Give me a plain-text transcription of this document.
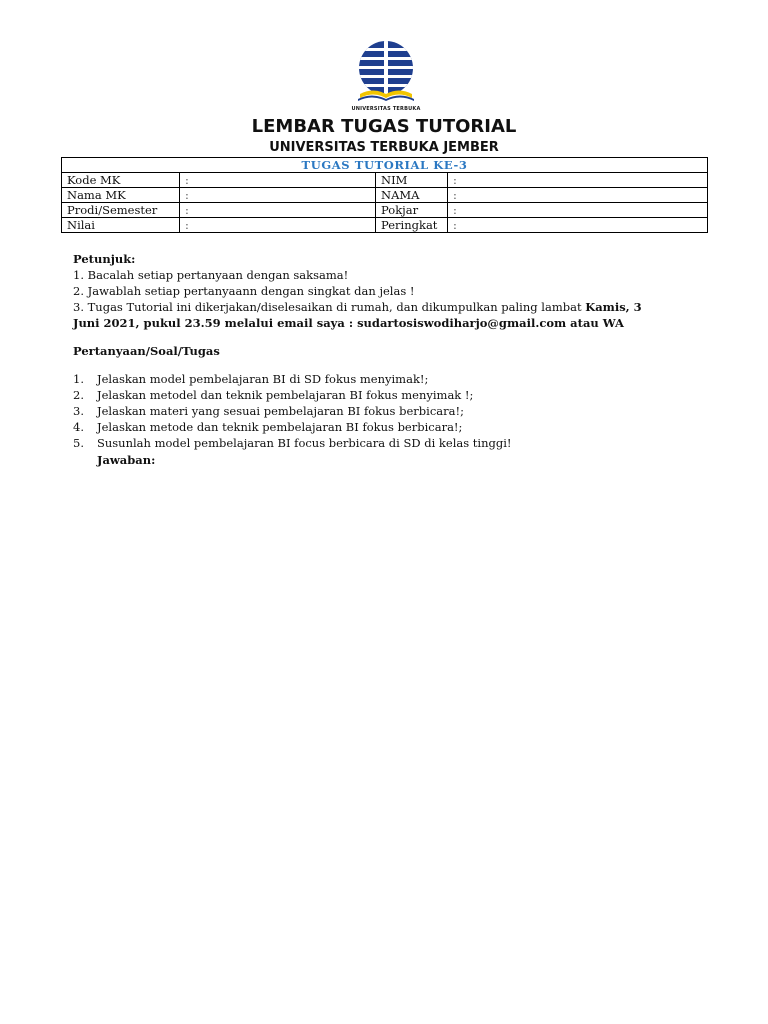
UNIVERSITAS TERBUKA
LEMBAR TUGAS TUTORIAL
UNIVERSITAS TERBUKA JEMBER
TUGAS TUTORIAL KE-3			
Kode MK	:	NIM	:
Nama MK	:	NAMA	:
Prodi/Semester	:	Pokjar	:
Nilai	:	Peringkat	:

Petunjuk:

1. Bacalah setiap pertanyaan dengan saksama!

2. Jawablah setiap pertanyaann dengan singkat dan jelas !

3. Tugas Tutorial ini dikerjakan/diselesaikan di rumah, dan dikumpulkan paling lambat Kamis, 3

Juni 2021, pukul 23.59 melalui email saya : sudartosiswodiharjo@gmail.com atau WA

Pertanyaan/Soal/Tugas
1. Jelaskan model pembelajaran BI di SD fokus menyimak!;
2. Jelaskan metodel dan teknik pembelajaran BI fokus menyimak !;
3. Jelaskan materi yang sesuai pembelajaran BI fokus berbicara!;
4. Jelaskan metode dan teknik pembelajaran BI fokus berbicara!;
5. Susunlah model pembelajaran BI focus berbicara di SD di kelas tinggi!
Jawaban:
